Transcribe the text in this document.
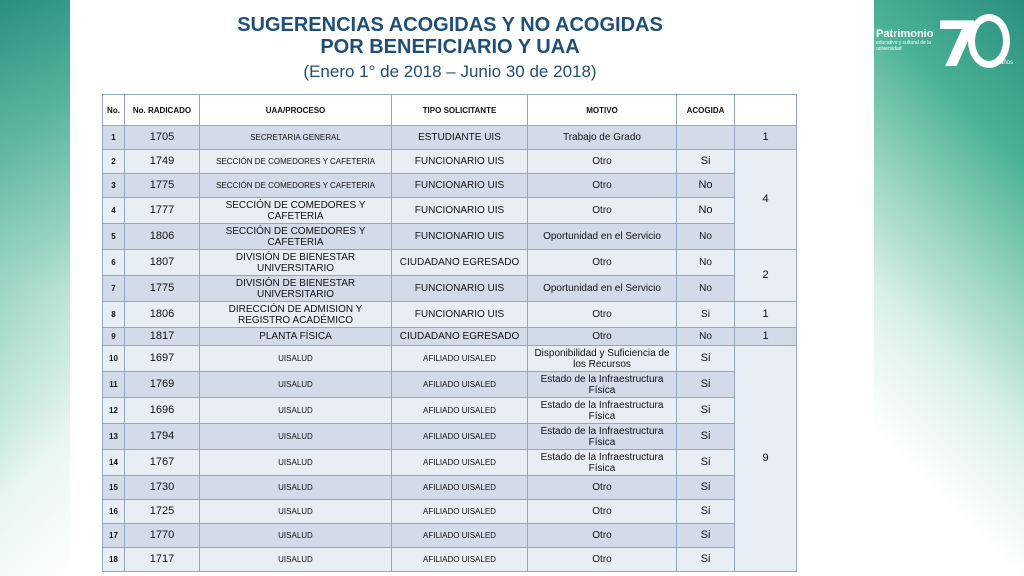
SUGERENCIAS ACOGIDAS Y NO ACOGIDAS
POR BENEFICIARIO Y UAA
(Enero 1° de 2018 – Junio 30 de 2018)
Patrimonio
educativo y cultural de la universidad 7	años
#LaUISqueQueremos
No.	No. RADICADO	UAA/PROCESO	TIPO SOLICITANTE	MOTIVO	ACOGIDA	
1	1705	SECRETARIA GENERAL	ESTUDIANTE UIS	Trabajo de Grado		1
2	1749	SECCIÓN DE COMEDORES Y CAFETERIA	FUNCIONARIO UIS	Otro	Si	4
3	1775	SECCIÓN DE COMEDORES Y CAFETERIA	FUNCIONARIO UIS	Otro	No	
4	1777	SECCIÓN DE COMEDORES Y CAFETERIA	FUNCIONARIO UIS	Otro	No	
5	1806	SECCIÓN DE COMEDORES Y CAFETERIA	FUNCIONARIO UIS	Oportunidad en el Servicio	No	
6	1807	DIVISIÓN DE BIENESTAR UNIVERSITARIO	CIUDADANO EGRESADO	Otro	No	2
7	1775	DIVISIÓN DE BIENESTAR UNIVERSITARIO	FUNCIONARIO UIS	Oportunidad en el Servicio	No	
8	1806	DIRECCIÓN DE ADMISION Y REGISTRO ACADÉMICO	FUNCIONARIO UIS	Otro	Si	1
9	1817	PLANTA FÍSICA	CIUDADANO EGRESADO	Otro	No	1
10	1697	UISALUD	AFILIADO UISALED	Disponibilidad y Suficiencia de los Recursos	Si	9
11	1769	UISALUD	AFILIADO UISALED	Estado de la Infraestructura Física	Si	
12	1696	UISALUD	AFILIADO UISALED	Estado de la Infraestructura Física	Si	
13	1794	UISALUD	AFILIADO UISALED	Estado de la Infraestructura Física	Si	
14	1767	UISALUD	AFILIADO UISALED	Estado de la Infraestructura Física	Si	
15	1730	UISALUD	AFILIADO UISALED	Otro	Si	
16	1725	UISALUD	AFILIADO UISALED	Otro	Si	
17	1770	UISALUD	AFILIADO UISALED	Otro	Si	
18	1717	UISALUD	AFILIADO UISALED	Otro	Si	
